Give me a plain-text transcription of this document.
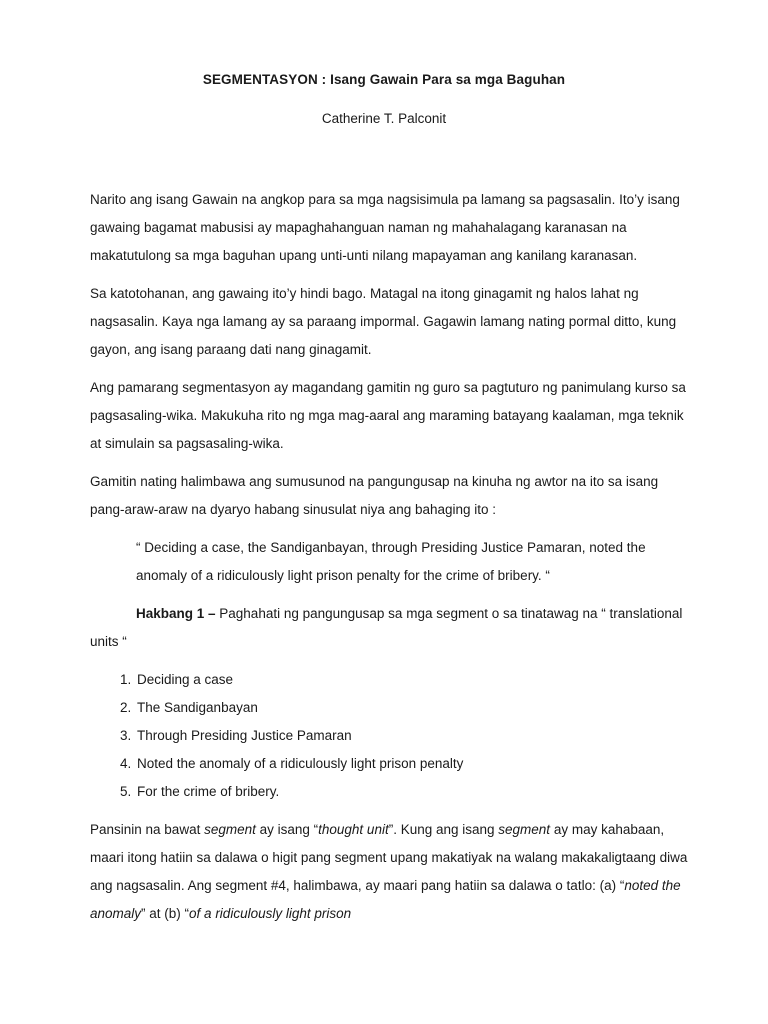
SEGMENTASYON : Isang Gawain Para sa mga Baguhan
Catherine T. Palconit

Narito ang isang Gawain na angkop para sa mga nagsisimula pa lamang sa pagsasalin. Ito’y isang gawaing bagamat mabusisi ay mapaghahanguan naman ng mahahalagang karanasan na makatutulong sa mga baguhan upang unti-unti nilang mapayaman ang kanilang karanasan.

Sa katotohanan, ang gawaing ito’y hindi bago. Matagal na itong ginagamit ng halos lahat ng nagsasalin. Kaya nga lamang ay sa paraang impormal. Gagawin lamang nating pormal ditto, kung gayon, ang isang paraang dati nang ginagamit.

Ang pamarang segmentasyon ay magandang gamitin ng guro sa pagtuturo ng panimulang kurso sa pagsasaling-wika. Makukuha rito ng mga mag-aaral ang maraming batayang kaalaman, mga teknik at simulain sa pagsasaling-wika.

Gamitin nating halimbawa ang sumusunod na pangungusap na kinuha ng awtor na ito sa isang pang-araw-araw na dyaryo habang sinusulat niya ang bahaging ito :

“ Deciding a case, the Sandiganbayan, through Presiding Justice Pamaran, noted the anomaly of a ridiculously light prison penalty for the crime of bribery. “

Hakbang 1 – Paghahati ng pangungusap sa mga segment o sa tinatawag na “ translational units “

1. Deciding a case
2. The Sandiganbayan
3. Through Presiding Justice Pamaran
4. Noted the anomaly of a ridiculously light prison penalty
5. For the crime of bribery.

Pansinin na bawat segment ay isang “thought unit”. Kung ang isang segment ay may kahabaan, maari itong hatiin sa dalawa o higit pang segment upang makatiyak na walang makakaligtaang diwa ang nagsasalin. Ang segment #4, halimbawa, ay maari pang hatiin sa dalawa o tatlo: (a) “noted the anomaly” at (b) “of a ridiculously light prison
